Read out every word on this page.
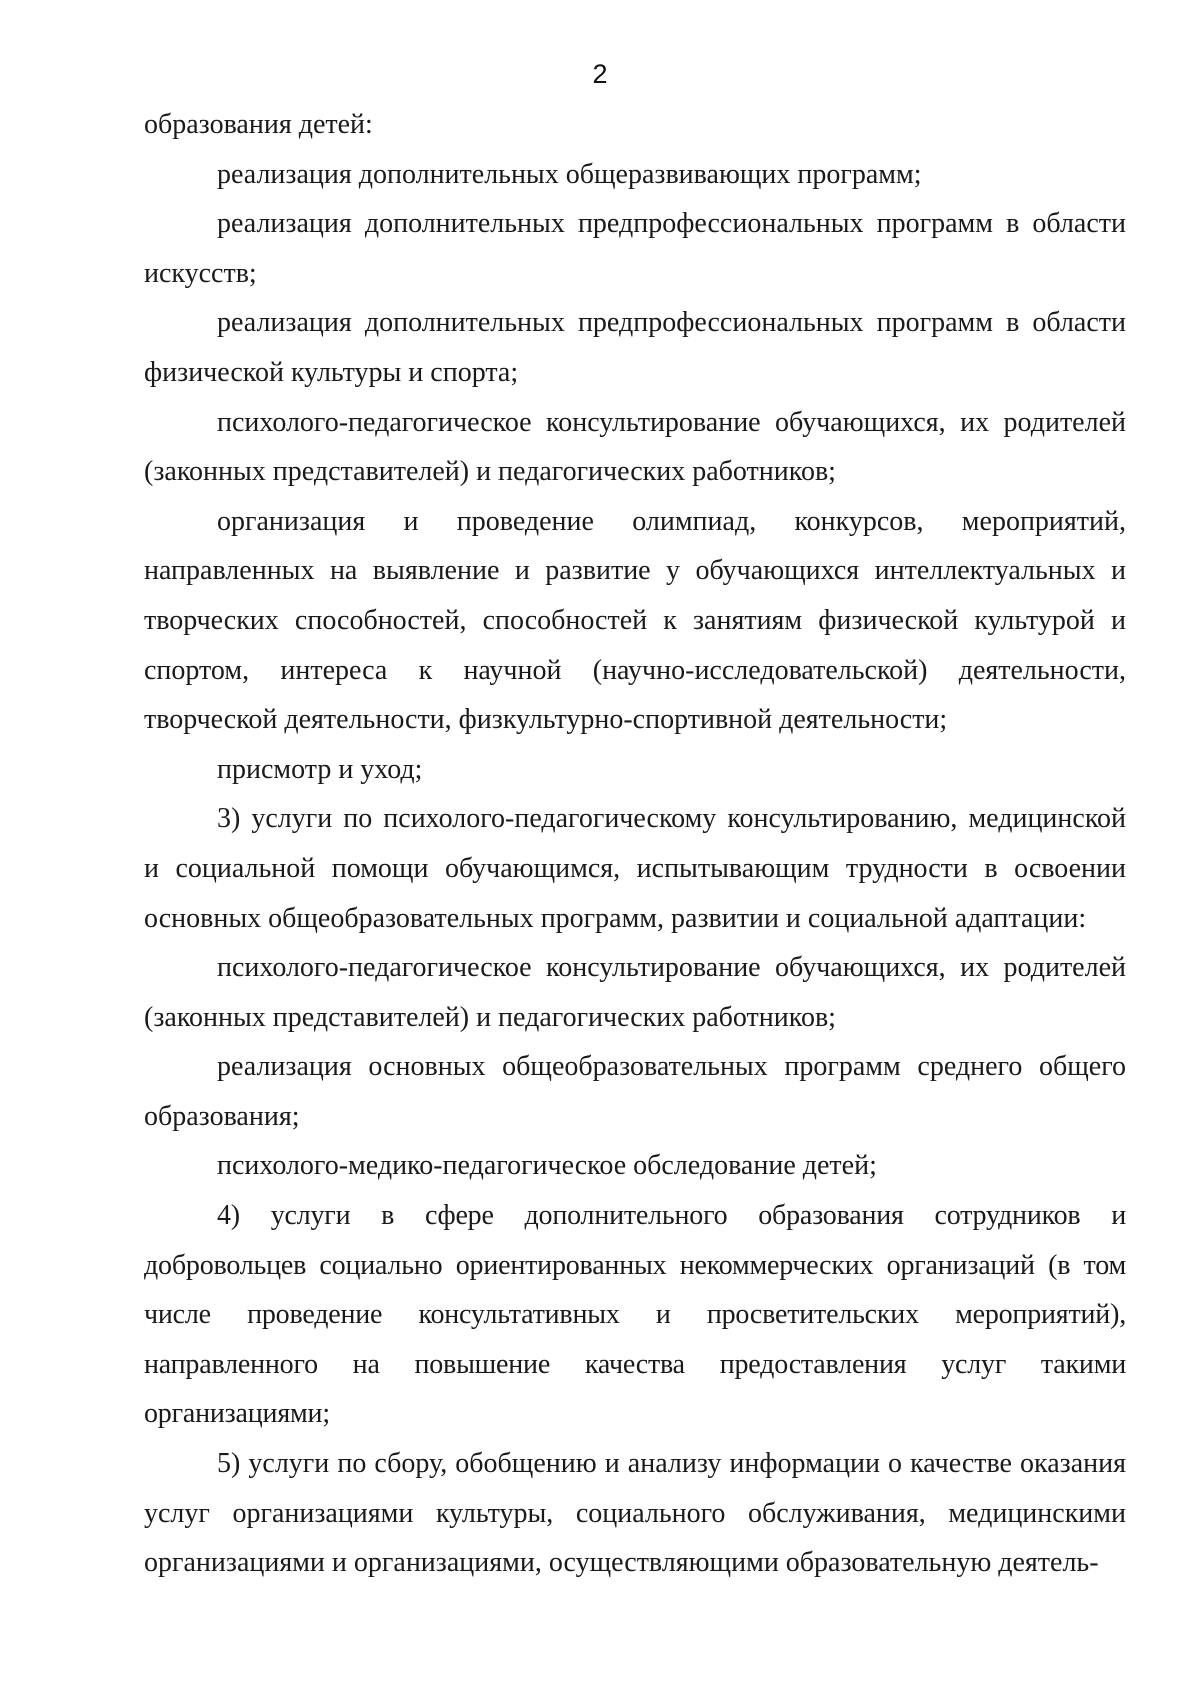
2

образования детей:

реализация дополнительных общеразвивающих программ;

реализация дополнительных предпрофессиональных программ в области искусств;

реализация дополнительных предпрофессиональных программ в области физической культуры и спорта;

психолого-педагогическое консультирование обучающихся, их родителей (законных представителей) и педагогических работников;

организация и проведение олимпиад, конкурсов, мероприятий, направленных на выявление и развитие у обучающихся интеллектуальных и творческих способностей, способностей к занятиям физической культурой и спортом, интереса к научной (научно-исследовательской) деятельности, творческой деятельности, физкультурно-спортивной деятельности;

присмотр и уход;

3) услуги по психолого-педагогическому консультированию, медицинской и социальной помощи обучающимся, испытывающим трудности в освоении основных общеобразовательных программ, развитии и социальной адаптации:

психолого-педагогическое консультирование обучающихся, их родителей (законных представителей) и педагогических работников;

реализация основных общеобразовательных программ среднего общего образования;

психолого-медико-педагогическое обследование детей;

4) услуги в сфере дополнительного образования сотрудников и добровольцев социально ориентированных некоммерческих организаций (в том числе проведение консультативных и просветительских мероприятий), направленного на повышение качества предоставления услуг такими организациями;

5) услуги по сбору, обобщению и анализу информации о качестве оказания услуг организациями культуры, социального обслуживания, медицинскими организациями и организациями, осуществляющими образовательную деятель-
